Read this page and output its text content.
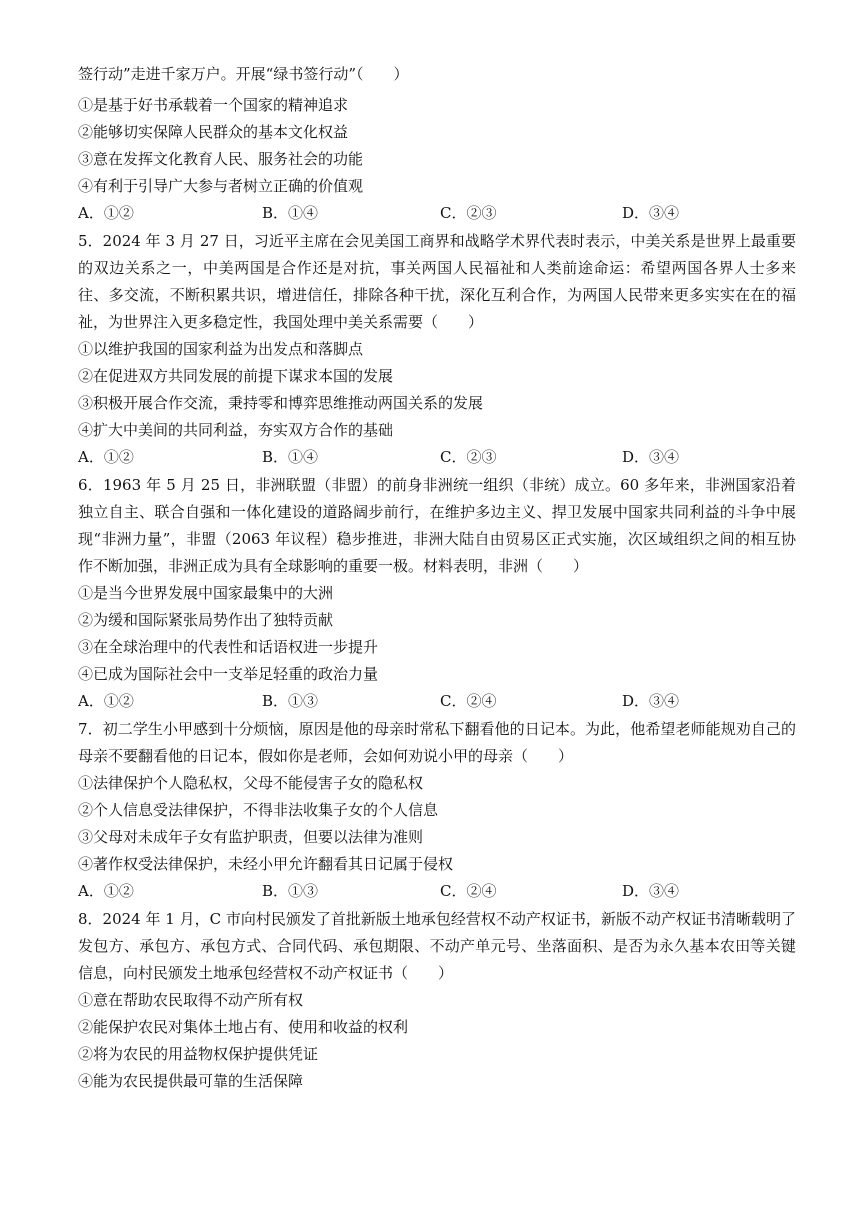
签行动”走进千家万户。开展“绿书签行动”（　　）
①是基于好书承载着一个国家的精神追求
②能够切实保障人民群众的基本文化权益
③意在发挥文化教育人民、服务社会的功能
④有利于引导广大参与者树立正确的价值观
A．①②	B．①④	C．②③	D．③④
5．2024 年 3 月 27 日，习近平主席在会见美国工商界和战略学术界代表时表示，中美关系是世界上最重要的双边关系之一，中美两国是合作还是对抗，事关两国人民福祉和人类前途命运：希望两国各界人士多来往、多交流，不断积累共识，增进信任，排除各种干扰，深化互利合作，为两国人民带来更多实实在在的福祉，为世界注入更多稳定性，我国处理中美关系需要（　　）
①以维护我国的国家利益为出发点和落脚点
②在促进双方共同发展的前提下谋求本国的发展
③积极开展合作交流，秉持零和博弈思维推动两国关系的发展
④扩大中美间的共同利益，夯实双方合作的基础
A．①②	B．①④	C．②③	D．③④
6．1963 年 5 月 25 日，非洲联盟（非盟）的前身非洲统一组织（非统）成立。60 多年来，非洲国家沿着独立自主、联合自强和一体化建设的道路阔步前行，在维护多边主义、捍卫发展中国家共同利益的斗争中展现“非洲力量”，非盟（2063 年议程）稳步推进，非洲大陆自由贸易区正式实施，次区域组织之间的相互协作不断加强，非洲正成为具有全球影响的重要一极。材料表明，非洲（　　）
①是当今世界发展中国家最集中的大洲
②为缓和国际紧张局势作出了独特贡献
③在全球治理中的代表性和话语权进一步提升
④已成为国际社会中一支举足轻重的政治力量
A．①②	B．①③	C．②④	D．③④
7．初二学生小甲感到十分烦恼，原因是他的母亲时常私下翻看他的日记本。为此，他希望老师能规劝自己的母亲不要翻看他的日记本，假如你是老师，会如何劝说小甲的母亲（　　）
①法律保护个人隐私权，父母不能侵害子女的隐私权
②个人信息受法律保护，不得非法收集子女的个人信息
③父母对未成年子女有监护职责，但要以法律为准则
④著作权受法律保护，未经小甲允许翻看其日记属于侵权
A．①②	B．①③	C．②④	D．③④
8．2024 年 1 月，C 市向村民颁发了首批新版土地承包经营权不动产权证书，新版不动产权证书清晰载明了发包方、承包方、承包方式、合同代码、承包期限、不动产单元号、坐落面积、是否为永久基本农田等关键信息，向村民颁发土地承包经营权不动产权证书（　　）
①意在帮助农民取得不动产所有权
②能保护农民对集体土地占有、使用和收益的权利
②将为农民的用益物权保护提供凭证
④能为农民提供最可靠的生活保障
